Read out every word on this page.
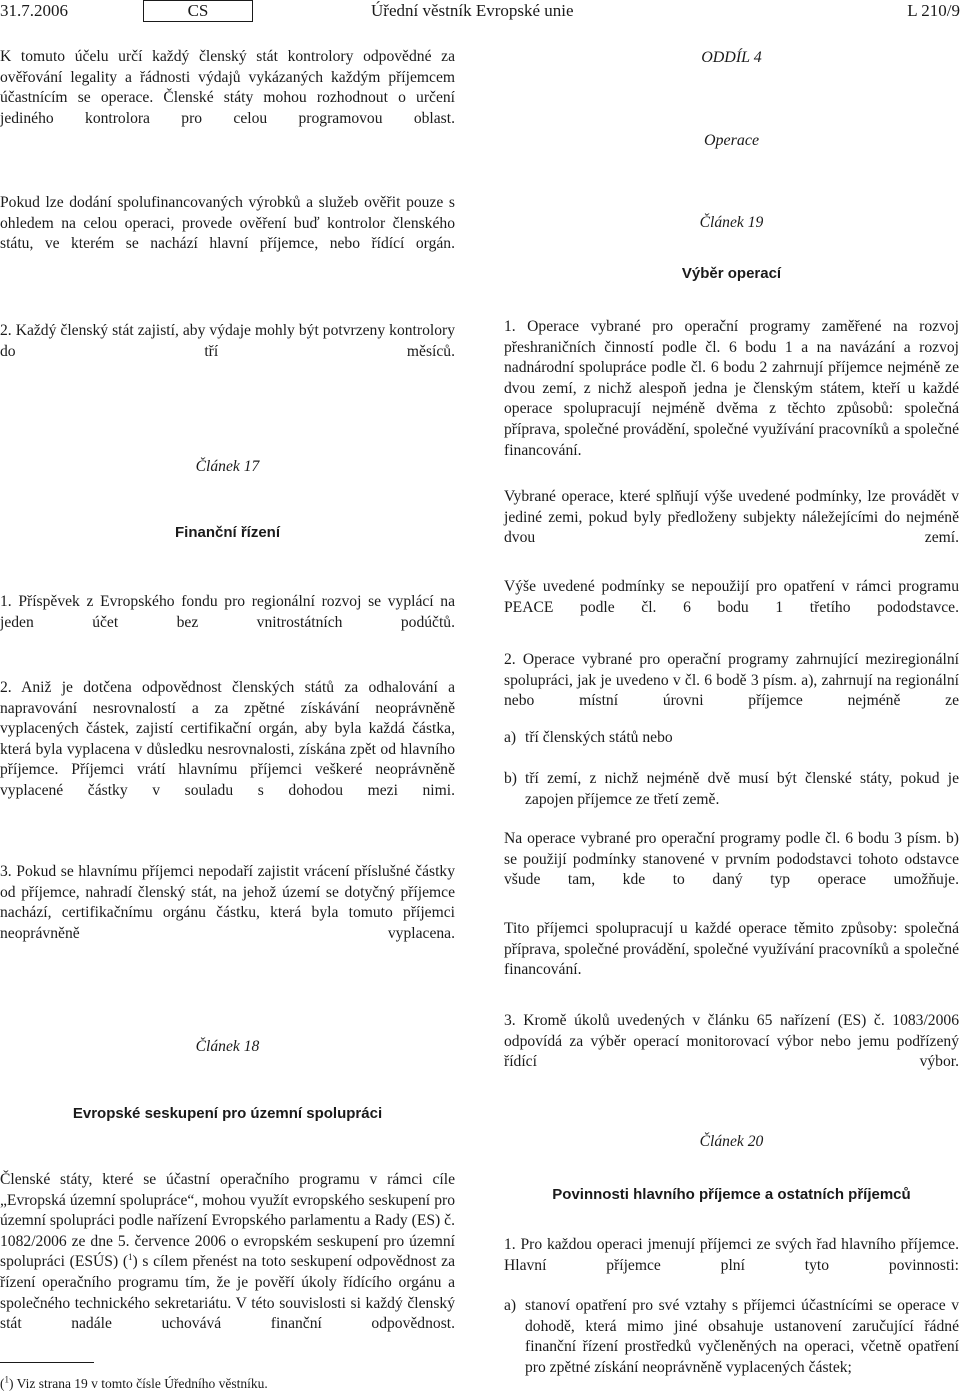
31.7.2006	CS	Úřední věstník Evropské unie	L 210/9

K tomuto účelu určí každý členský stát kontrolory odpovědné za ověřování legality a řádnosti výdajů vykázaných každým příjemcem účastnícím se operace. Členské státy mohou rozhodnout o určení jediného kontrolora pro celou programovou oblast.

Pokud lze dodání spolufinancovaných výrobků a služeb ověřit pouze s ohledem na celou operaci, provede ověření buď kontrolor členského státu, ve kterém se nachází hlavní příjemce, nebo řídící orgán.

2. Každý členský stát zajistí, aby výdaje mohly být potvrzeny kontrolory do tří měsíců.

Článek 17
Finanční řízení

1. Příspěvek z Evropského fondu pro regionální rozvoj se vyplácí na jeden účet bez vnitrostátních podúčtů.

2. Aniž je dotčena odpovědnost členských států za odhalování a napravování nesrovnalostí a za zpětné získávání neoprávněně vyplacených částek, zajistí certifikační orgán, aby byla každá částka, která byla vyplacena v důsledku nesrovnalosti, získána zpět od hlavního příjemce. Příjemci vrátí hlavnímu příjemci veškeré neoprávněně vyplacené částky v souladu s dohodou mezi nimi.

3. Pokud se hlavnímu příjemci nepodaří zajistit vrácení příslušné částky od příjemce, nahradí členský stát, na jehož území se dotyčný příjemce nachází, certifikačnímu orgánu částku, která byla tomuto příjemci neoprávněně vyplacena.

Článek 18
Evropské seskupení pro územní spolupráci

Členské státy, které se účastní operačního programu v rámci cíle „Evropská územní spolupráce“, mohou využít evropského seskupení pro územní spolupráci podle nařízení Evropského parlamentu a Rady (ES) č. 1082/2006 ze dne 5. července 2006 o evropském seskupení pro územní spolupráci (ESÚS) ($^1$) s cílem přenést na toto seskupení odpovědnost za řízení operačního programu tím, že je pověří úkoly řídícího orgánu a společného technického sekretariátu. V této souvislosti si každý členský stát nadále uchovává finanční odpovědnost.

($^1$) Viz strana 19 v tomto čísle Úředního věstníku.
ODDÍL 4
Operace
Článek 19
Výběr operací

1. Operace vybrané pro operační programy zaměřené na rozvoj přeshraničních činností podle čl. 6 bodu 1 a na navázání a rozvoj nadnárodní spolupráce podle čl. 6 bodu 2 zahrnují příjemce nejméně ze dvou zemí, z nichž alespoň jedna je členským státem, kteří u každé operace spolupracují nejméně dvěma z těchto způsobů: společná příprava, společné provádění, společné využívání pracovníků a společné financování.

Vybrané operace, které splňují výše uvedené podmínky, lze provádět v jediné zemi, pokud byly předloženy subjekty náležejícími do nejméně dvou zemí.

Výše uvedené podmínky se nepoužijí pro opatření v rámci programu PEACE podle čl. 6 bodu 1 třetího pododstavce.

2. Operace vybrané pro operační programy zahrnující meziregionální spolupráci, jak je uvedeno v čl. 6 bodě 3 písm. a), zahrnují na regionální nebo místní úrovni příjemce nejméně ze

a) tří členských států nebo
b) tří zemí, z nichž nejméně dvě musí být členské státy, pokud je zapojen příjemce ze třetí země.

Na operace vybrané pro operační programy podle čl. 6 bodu 3 písm. b) se použijí podmínky stanovené v prvním pododstavci tohoto odstavce všude tam, kde to daný typ operace umožňuje.

Tito příjemci spolupracují u každé operace těmito způsoby: společná příprava, společné provádění, společné využívání pracovníků a společné financování.

3. Kromě úkolů uvedených v článku 65 nařízení (ES) č. 1083/2006 odpovídá za výběr operací monitorovací výbor nebo jemu podřízený řídící výbor.

Článek 20
Povinnosti hlavního příjemce a ostatních příjemců

1. Pro každou operaci jmenují příjemci ze svých řad hlavního příjemce. Hlavní příjemce plní tyto povinnosti:

a) stanoví opatření pro své vztahy s příjemci účastnícími se operace v dohodě, která mimo jiné obsahuje ustanovení zaručující řádné finanční řízení prostředků vyčleněných na operaci, včetně opatření pro zpětné získání neoprávněně vyplacených částek;
